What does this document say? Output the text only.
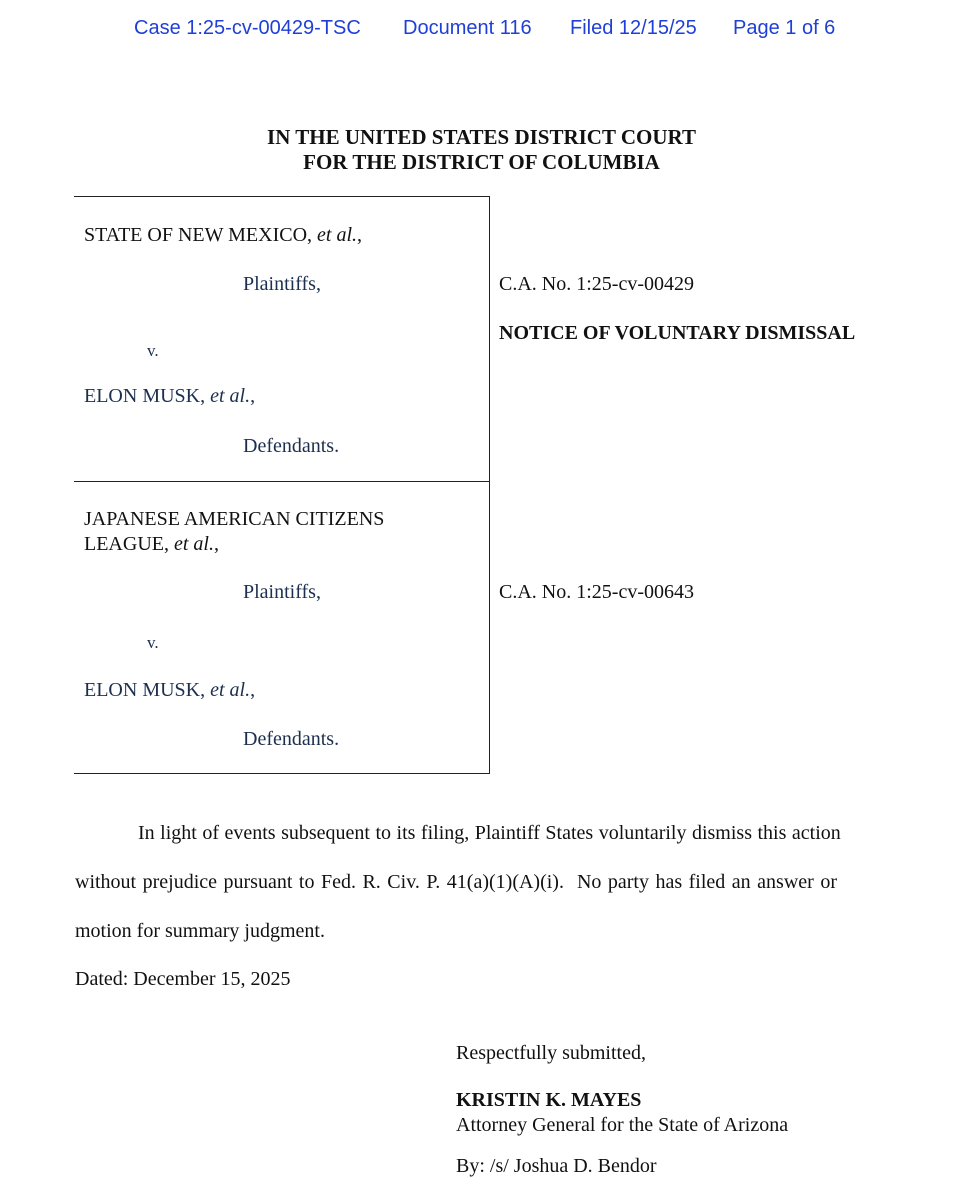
Case 1:25-cv-00429-TSC Document 116 Filed 12/15/25 Page 1 of 6
IN THE UNITED STATES DISTRICT COURT
FOR THE DISTRICT OF COLUMBIA
STATE OF NEW MEXICO, et al.,
Plaintiffs,
v.
ELON MUSK, et al.,
Defendants.
C.A. No. 1:25-cv-00429
NOTICE OF VOLUNTARY DISMISSAL
JAPANESE AMERICAN CITIZENS
LEAGUE, et al.,
Plaintiffs,
v.
ELON MUSK, et al.,
Defendants.
C.A. No. 1:25-cv-00643
In light of events subsequent to its filing, Plaintiff States voluntarily dismiss this action
without prejudice pursuant to Fed. R. Civ. P. 41(a)(1)(A)(i).  No party has filed an answer or
motion for summary judgment.
Dated: December 15, 2025
Respectfully submitted,
KRISTIN K. MAYES
Attorney General for the State of Arizona
By: /s/ Joshua D. Bendor
